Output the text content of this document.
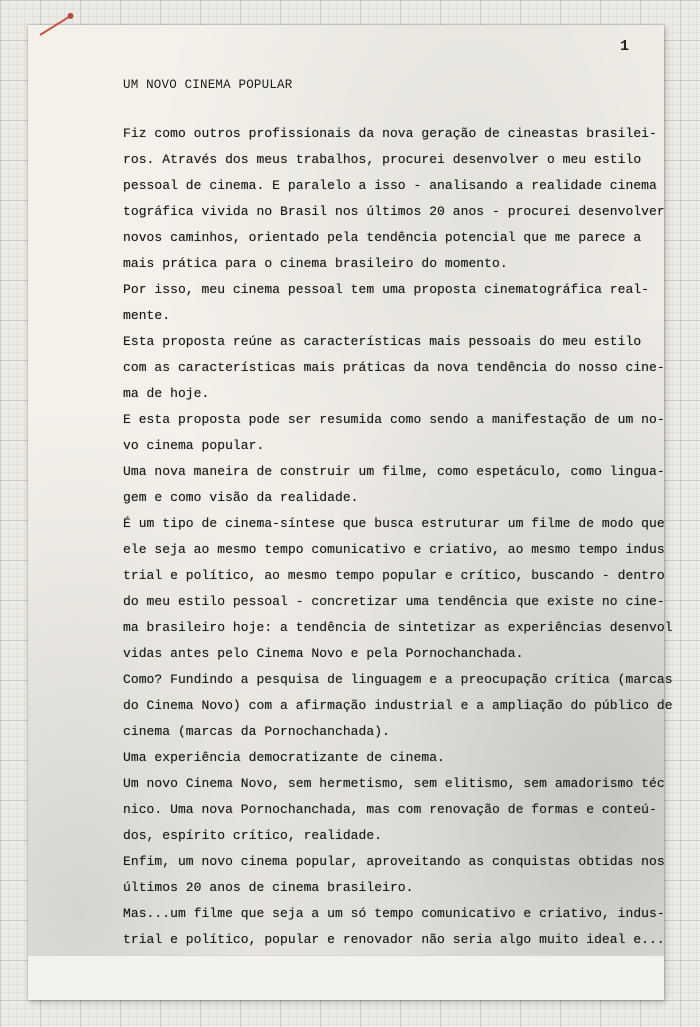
1
UM NOVO CINEMA POPULAR
Fiz como outros profissionais da nova geração de cineastas brasilei-
ros. Através dos meus trabalhos, procurei desenvolver o meu estilo
pessoal de cinema. E paralelo a isso - analisando a realidade cinema
tográfica vivida no Brasil nos últimos 20 anos - procurei desenvolver
novos caminhos, orientado pela tendência potencial que me parece a
mais prática para o cinema brasileiro do momento.
Por isso, meu cinema pessoal tem uma proposta cinematográfica real-
mente.
Esta proposta reúne as características mais pessoais do meu estilo
com as características mais práticas da nova tendência do nosso cine-
ma de hoje.
E esta proposta pode ser resumida como sendo a manifestação de um no-
vo cinema popular.
Uma nova maneira de construir um filme, como espetáculo, como lingua-
gem e como visão da realidade.
É um tipo de cinema-síntese que busca estruturar um filme de modo que
ele seja ao mesmo tempo comunicativo e criativo, ao mesmo tempo indus
trial e político, ao mesmo tempo popular e crítico, buscando - dentro
do meu estilo pessoal - concretizar uma tendência que existe no cine-
ma brasileiro hoje: a tendência de sintetizar as experiências desenvol
vidas antes pelo Cinema Novo e pela Pornochanchada.
Como? Fundindo a pesquisa de linguagem e a preocupação crítica (marcas
do Cinema Novo) com a afirmação industrial e a ampliação do público de
cinema (marcas da Pornochanchada).
Uma experiência democratizante de cinema.
Um novo Cinema Novo, sem hermetismo, sem elitismo, sem amadorismo téc
nico. Uma nova Pornochanchada, mas com renovação de formas e conteú-
dos, espírito crítico, realidade.
Enfim, um novo cinema popular, aproveitando as conquistas obtidas nos
últimos 20 anos de cinema brasileiro.
Mas...um filme que seja a um só tempo comunicativo e criativo, indus-
trial e político, popular e renovador não seria algo muito ideal e...
